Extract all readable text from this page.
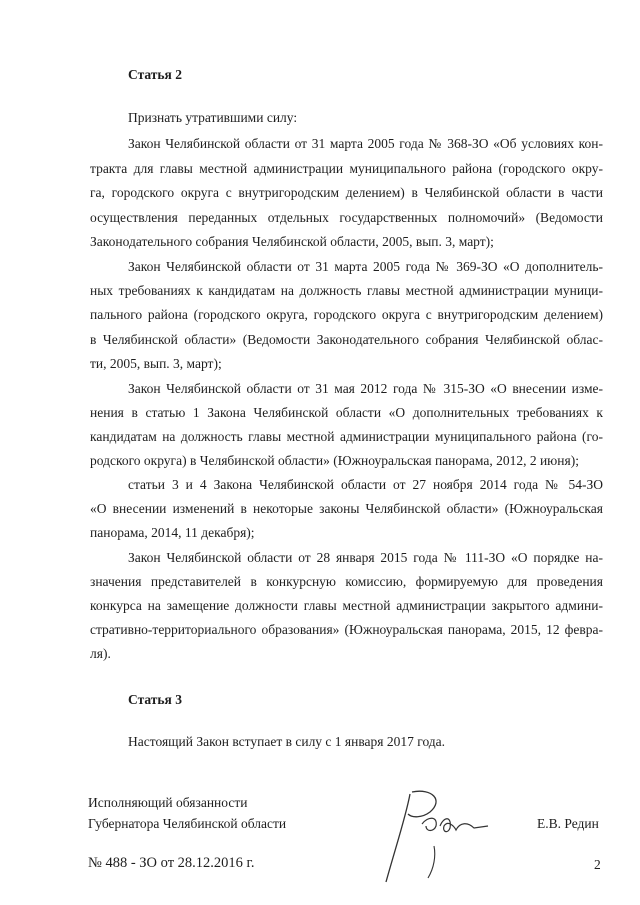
Статья 2
Признать утратившими силу:
Закон Челябинской области от 31 марта 2005 года № 368-ЗО «Об условиях кон-
тракта для главы местной администрации муниципального района (городского окру-
га, городского округа с внутригородским делением) в Челябинской области в части
осуществления переданных отдельных государственных полномочий» (Ведомости
Законодательного собрания Челябинской области, 2005, вып. 3, март);
Закон Челябинской области от 31 марта 2005 года № 369-ЗО «О дополнитель-
ных требованиях к кандидатам на должность главы местной администрации муници-
пального района (городского округа, городского округа с внутригородским делением)
в Челябинской области» (Ведомости Законодательного собрания Челябинской облас-
ти, 2005, вып. 3, март);
Закон Челябинской области от 31 мая 2012 года № 315-ЗО «О внесении изме-
нения в статью 1 Закона Челябинской области «О дополнительных требованиях к
кандидатам на должность главы местной администрации муниципального района (го-
родского округа) в Челябинской области» (Южноуральская панорама, 2012, 2 июня);
статьи 3 и 4 Закона Челябинской области от 27 ноября 2014 года № 54-ЗО
«О внесении изменений в некоторые законы Челябинской области» (Южноуральская
панорама, 2014, 11 декабря);
Закон Челябинской области от 28 января 2015 года № 111-ЗО «О порядке на-
значения представителей в конкурсную комиссию, формируемую для проведения
конкурса на замещение должности главы местной администрации закрытого админи-
стративно-территориального образования» (Южноуральская панорама, 2015, 12 февра-
ля).
Статья 3
Настоящий Закон вступает в силу с 1 января 2017 года.
Исполняющий обязанности
Губернатора Челябинской области	Е.В. Редин
№ 488 - ЗО от 28.12.2016 г.	2
